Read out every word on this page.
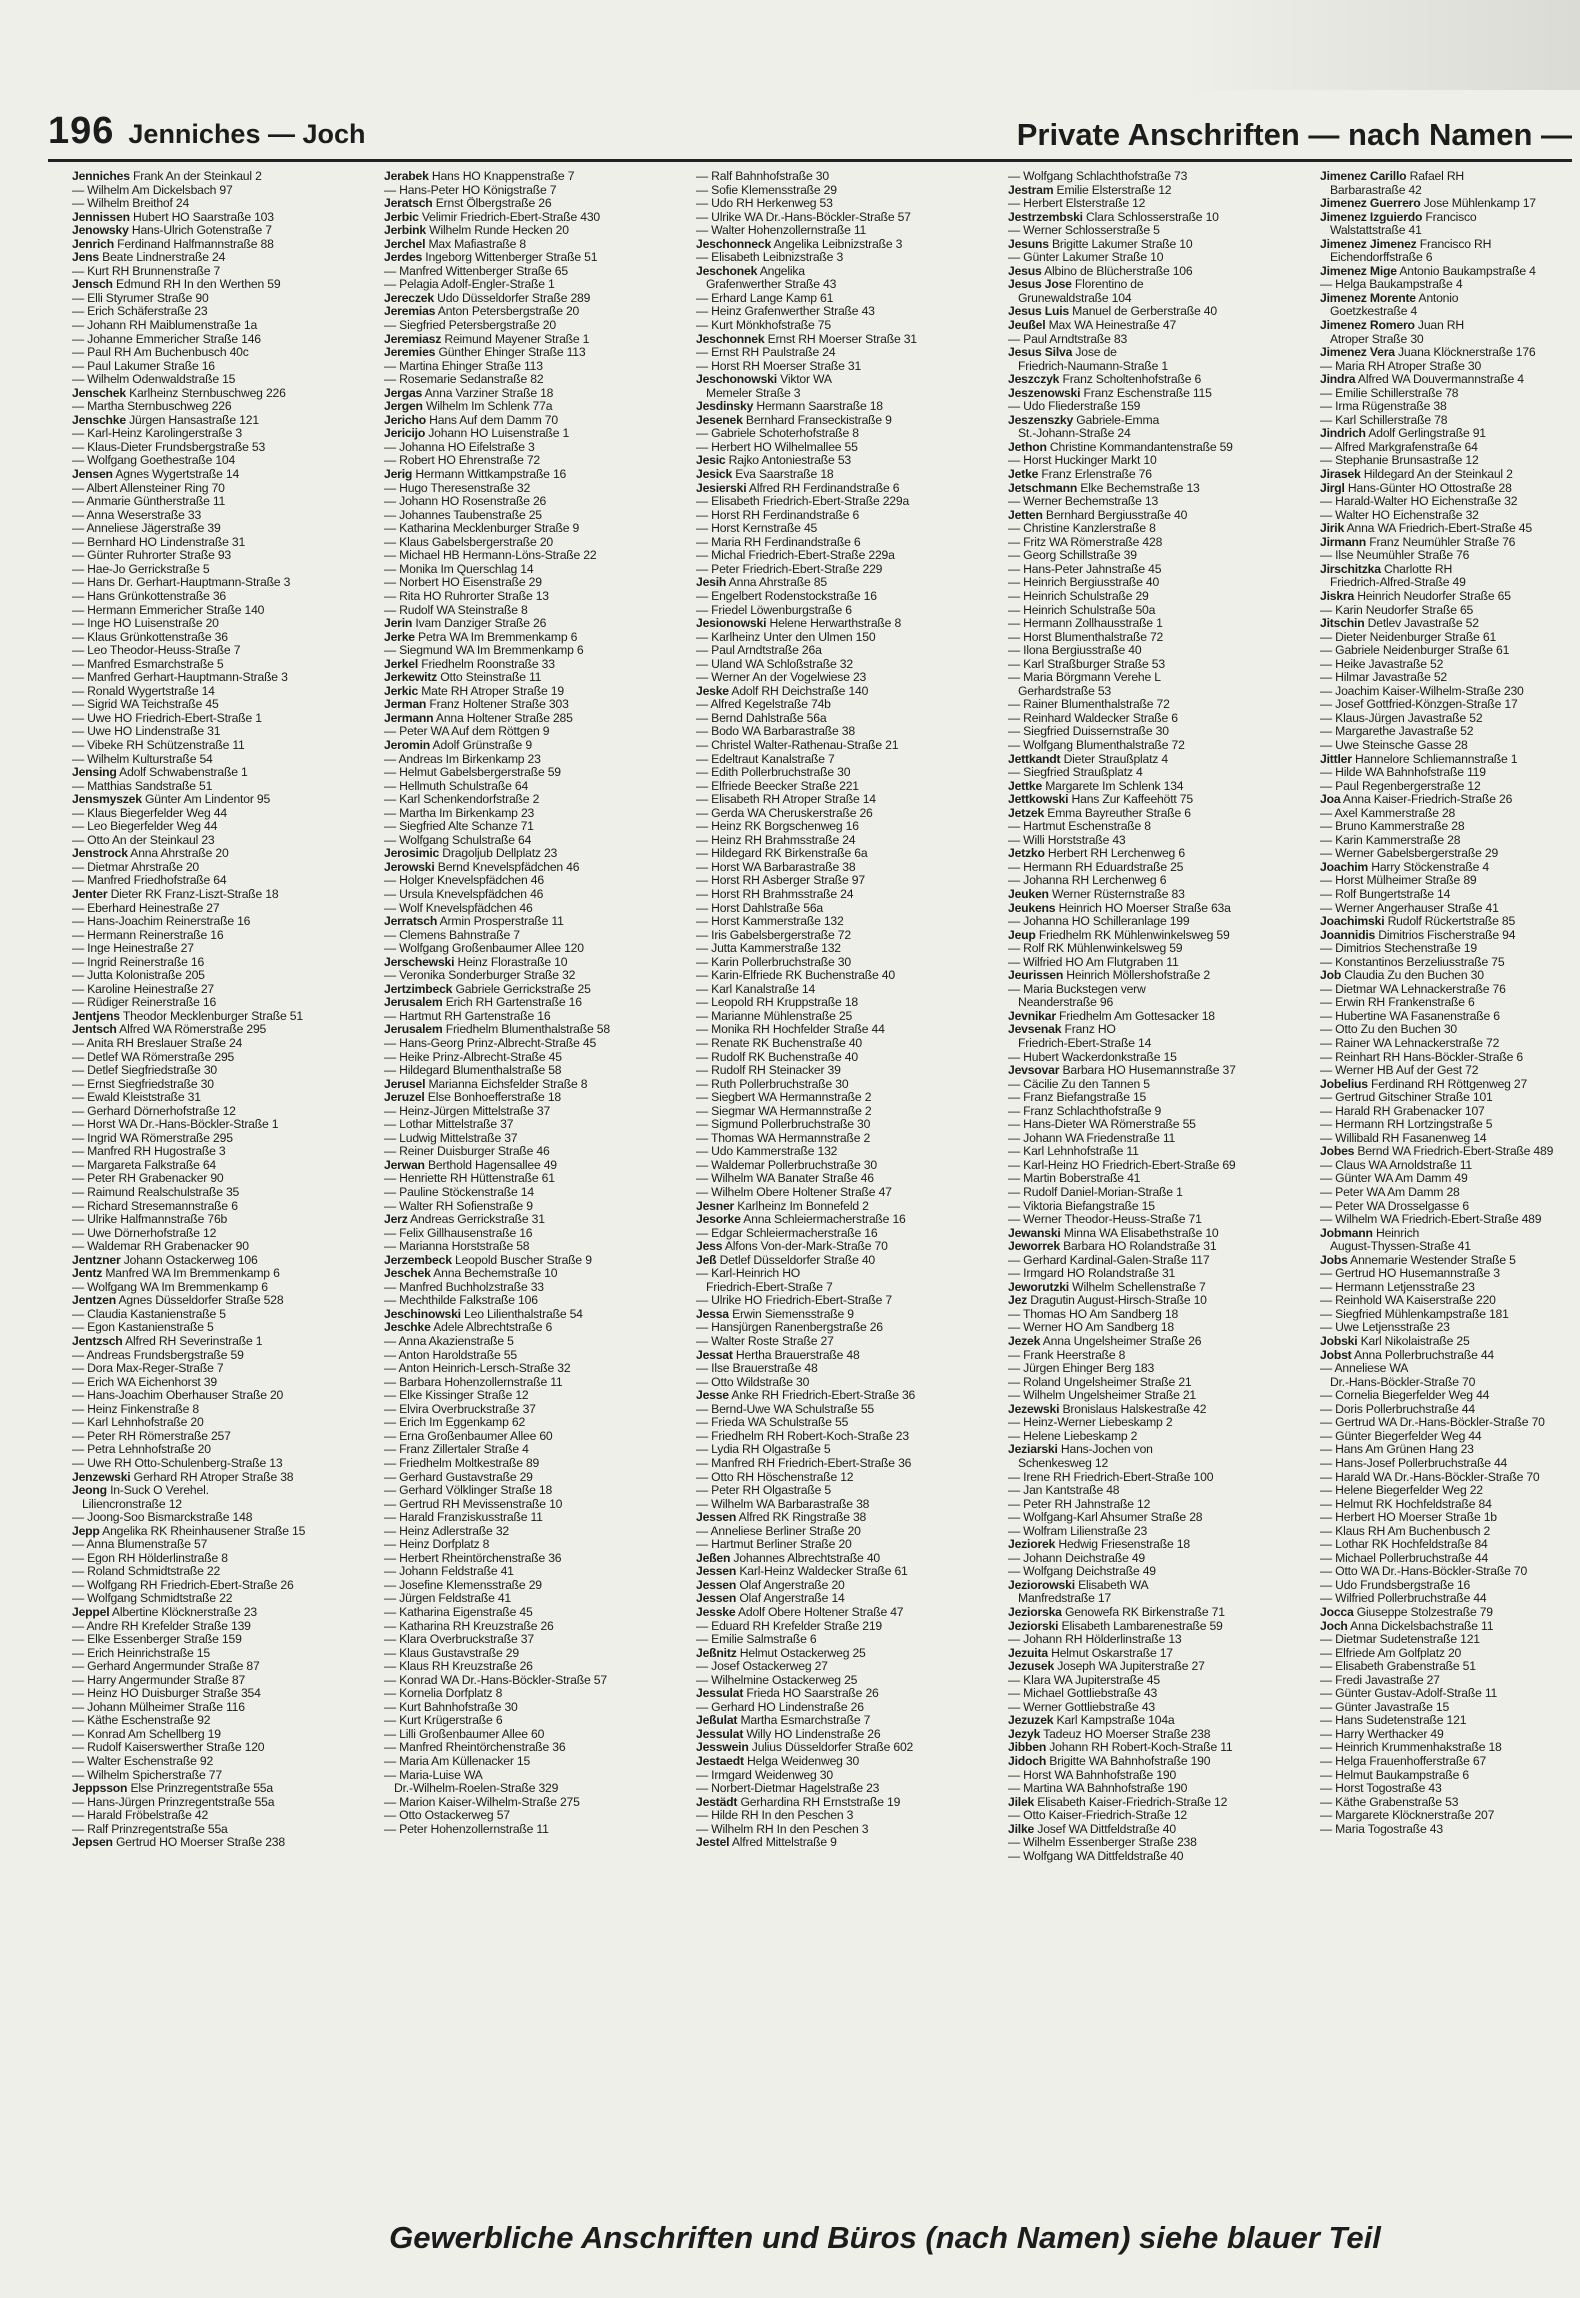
196 Jenniches — Joch	Private Anschriften — nach Namen —
Jenniches Frank An der Steinkaul 2
— Wilhelm Am Dickelsbach 97
— Wilhelm Breithof 24
Jennissen Hubert HO Saarstraße 103
Jenowsky Hans-Ulrich Gotenstraße 7
Jenrich Ferdinand Halfmannstraße 88
Jens Beate Lindnerstraße 24
— Kurt RH Brunnenstraße 7
Jensch Edmund RH In den Werthen 59
— Elli Styrumer Straße 90
— Erich Schäferstraße 23
— Johann RH Maiblumenstraße 1a
— Johanne Emmericher Straße 146
— Paul RH Am Buchenbusch 40c
— Paul Lakumer Straße 16
— Wilhelm Odenwaldstraße 15
Jenschek Karlheinz Sternbuschweg 226
— Martha Sternbuschweg 226
Jenschke Jürgen Hansastraße 121
— Karl-Heinz Karolingerstraße 3
— Klaus-Dieter Frundsbergstraße 53
— Wolfgang Goethestraße 104
Jensen Agnes Wygertstraße 14
— Albert Allensteiner Ring 70
— Anmarie Güntherstraße 11
— Anna Weserstraße 33
— Anneliese Jägerstraße 39
— Bernhard HO Lindenstraße 31
— Günter Ruhrorter Straße 93
— Hae-Jo Gerrickstraße 5
— Hans Dr. Gerhart-Hauptmann-Straße 3
— Hans Grünkottenstraße 36
— Hermann Emmericher Straße 140
— Inge HO Luisenstraße 20
— Klaus Grünkottenstraße 36
— Leo Theodor-Heuss-Straße 7
— Manfred Esmarchstraße 5
— Manfred Gerhart-Hauptmann-Straße 3
— Ronald Wygertstraße 14
— Sigrid WA Teichstraße 45
— Uwe HO Friedrich-Ebert-Straße 1
— Uwe HO Lindenstraße 31
— Vibeke RH Schützenstraße 11
— Wilhelm Kulturstraße 54
Jensing Adolf Schwabenstraße 1
— Matthias Sandstraße 51
Jensmyszek Günter Am Lindentor 95
— Klaus Biegerfelder Weg 44
— Leo Biegerfelder Weg 44
— Otto An der Steinkaul 23
Jenstrock Anna Ahrstraße 20
— Dietmar Ahrstraße 20
— Manfred Friedhofstraße 64
Jenter Dieter RK Franz-Liszt-Straße 18
— Eberhard Heinestraße 27
— Hans-Joachim Reinerstraße 16
— Hermann Reinerstraße 16
— Inge Heinestraße 27
— Ingrid Reinerstraße 16
— Jutta Kolonistraße 205
— Karoline Heinestraße 27
— Rüdiger Reinerstraße 16
Jentjens Theodor Mecklenburger Straße 51
Jentsch Alfred WA Römerstraße 295
— Anita RH Breslauer Straße 24
— Detlef WA Römerstraße 295
— Detlef Siegfriedstraße 30
— Ernst Siegfriedstraße 30
— Ewald Kleiststraße 31
— Gerhard Dörnerhofstraße 12
— Horst WA Dr.-Hans-Böckler-Straße 1
— Ingrid WA Römerstraße 295
— Manfred RH Hugostraße 3
— Margareta Falkstraße 64
— Peter RH Grabenacker 90
— Raimund Realschulstraße 35
— Richard Stresemannstraße 6
— Ulrike Halfmannstraße 76b
— Uwe Dörnerhofstraße 12
— Waldemar RH Grabenacker 90
Jentzner Johann Ostackerweg 106
Jentz Manfred WA Im Bremmenkamp 6
— Wolfgang WA Im Bremmenkamp 6
Jentzen Agnes Düsseldorfer Straße 528
— Claudia Kastanienstraße 5
— Egon Kastanienstraße 5
Jentzsch Alfred RH Severinstraße 1
— Andreas Frundsbergstraße 59
— Dora Max-Reger-Straße 7
— Erich WA Eichenhorst 39
— Hans-Joachim Oberhauser Straße 20
— Heinz Finkenstraße 8
— Karl Lehnhofstraße 20
— Peter RH Römerstraße 257
— Petra Lehnhofstraße 20
— Uwe RH Otto-Schulenberg-Straße 13
Jenzewski Gerhard RH Atroper Straße 38
Jeong In-Suck O Verehel.
Liliencronstraße 12
— Joong-Soo Bismarckstraße 148
Jepp Angelika RK Rheinhausener Straße 15
— Anna Blumenstraße 57
— Egon RH Hölderlinstraße 8
— Roland Schmidtstraße 22
— Wolfgang RH Friedrich-Ebert-Straße 26
— Wolfgang Schmidtstraße 22
Jeppel Albertine Klöcknerstraße 23
— Andre RH Krefelder Straße 139
— Elke Essenberger Straße 159
— Erich Heinrichstraße 15
— Gerhard Angermunder Straße 87
— Harry Angermunder Straße 87
— Heinz HO Duisburger Straße 354
— Johann Mülheimer Straße 116
— Käthe Eschenstraße 92
— Konrad Am Schellberg 19
— Rudolf Kaiserswerther Straße 120
— Walter Eschenstraße 92
— Wilhelm Spicherstraße 77
Jeppsson Else Prinzregentstraße 55a
— Hans-Jürgen Prinzregentstraße 55a
— Harald Fröbelstraße 42
— Ralf Prinzregentstraße 55a
Jepsen Gertrud HO Moerser Straße 238
Jerabek Hans HO Knappenstraße 7
— Hans-Peter HO Königstraße 7
Jeratsch Ernst Ölbergstraße 26
Jerbic Velimir Friedrich-Ebert-Straße 430
Jerbink Wilhelm Runde Hecken 20
Jerchel Max Mafiastraße 8
Jerdes Ingeborg Wittenberger Straße 51
— Manfred Wittenberger Straße 65
— Pelagia Adolf-Engler-Straße 1
Jereczek Udo Düsseldorfer Straße 289
Jeremias Anton Petersbergstraße 20
— Siegfried Petersbergstraße 20
Jeremiasz Reimund Mayener Straße 1
Jeremies Günther Ehinger Straße 113
— Martina Ehinger Straße 113
— Rosemarie Sedanstraße 82
Jergas Anna Varziner Straße 18
Jergen Wilhelm Im Schlenk 77a
Jericho Hans Auf dem Damm 70
Jericijo Johann HO Luisenstraße 1
— Johanna HO Eifelstraße 3
— Robert HO Ehrenstraße 72
Jerig Hermann Wittkampstraße 16
— Hugo Theresenstraße 32
— Johann HO Rosenstraße 26
— Johannes Taubenstraße 25
— Katharina Mecklenburger Straße 9
— Klaus Gabelsbergerstraße 20
— Michael HB Hermann-Löns-Straße 22
— Monika Im Querschlag 14
— Norbert HO Eisenstraße 29
— Rita HO Ruhrorter Straße 13
— Rudolf WA Steinstraße 8
Jerin Ivam Danziger Straße 26
Jerke Petra WA Im Bremmenkamp 6
— Siegmund WA Im Bremmenkamp 6
Jerkel Friedhelm Roonstraße 33
Jerkewitz Otto Steinstraße 11
Jerkic Mate RH Atroper Straße 19
Jerman Franz Holtener Straße 303
Jermann Anna Holtener Straße 285
— Peter WA Auf dem Röttgen 9
Jeromin Adolf Grünstraße 9
— Andreas Im Birkenkamp 23
— Helmut Gabelsbergerstraße 59
— Hellmuth Schulstraße 64
— Karl Schenkendorfstraße 2
— Martha Im Birkenkamp 23
— Siegfried Alte Schanze 71
— Wolfgang Schulstraße 64
Jerosimic Dragoljub Dellplatz 23
Jerowski Bernd Knevelspfädchen 46
— Holger Knevelspfädchen 46
— Ursula Knevelspfädchen 46
— Wolf Knevelspfädchen 46
Jerratsch Armin Prosperstraße 11
— Clemens Bahnstraße 7
— Wolfgang Großenbaumer Allee 120
Jerschewski Heinz Florastraße 10
— Veronika Sonderburger Straße 32
Jertzimbeck Gabriele Gerrickstraße 25
Jerusalem Erich RH Gartenstraße 16
— Hartmut RH Gartenstraße 16
Jerusalem Friedhelm Blumenthalstraße 58
— Hans-Georg Prinz-Albrecht-Straße 45
— Heike Prinz-Albrecht-Straße 45
— Hildegard Blumenthalstraße 58
Jerusel Marianna Eichsfelder Straße 8
Jeruzel Else Bonhoefferstraße 18
— Heinz-Jürgen Mittelstraße 37
— Lothar Mittelstraße 37
— Ludwig Mittelstraße 37
— Reiner Duisburger Straße 46
Jerwan Berthold Hagensallee 49
— Henriette RH Hüttenstraße 61
— Pauline Stöckenstraße 14
— Walter RH Sofienstraße 9
Jerz Andreas Gerrickstraße 31
— Felix Gillhausenstraße 16
— Marianna Horststraße 58
Jerzembeck Leopold Buscher Straße 9
Jeschek Anna Bechemstraße 10
— Manfred Buchholzstraße 33
— Mechthilde Falkstraße 106
Jeschinowski Leo Lilienthalstraße 54
Jeschke Adele Albrechtstraße 6
— Anna Akazienstraße 5
— Anton Haroldstraße 55
— Anton Heinrich-Lersch-Straße 32
— Barbara Hohenzollernstraße 11
— Elke Kissinger Straße 12
— Elvira Overbruckstraße 37
— Erich Im Eggenkamp 62
— Erna Großenbaumer Allee 60
— Franz Zillertaler Straße 4
— Friedhelm Moltkestraße 89
— Gerhard Gustavstraße 29
— Gerhard Völklinger Straße 18
— Gertrud RH Mevissenstraße 10
— Harald Franziskusstraße 11
— Heinz Adlerstraße 32
— Heinz Dorfplatz 8
— Herbert Rheintörchenstraße 36
— Johann Feldstraße 41
— Josefine Klemensstraße 29
— Jürgen Feldstraße 41
— Katharina Eigenstraße 45
— Katharina RH Kreuzstraße 26
— Klara Overbruckstraße 37
— Klaus Gustavstraße 29
— Klaus RH Kreuzstraße 26
— Konrad WA Dr.-Hans-Böckler-Straße 57
— Kornelia Dorfplatz 8
— Kurt Bahnhofstraße 30
— Kurt Krügerstraße 6
— Lilli Großenbaumer Allee 60
— Manfred Rheintörchenstraße 36
— Maria Am Küllenacker 15
— Maria-Luise WA
Dr.-Wilhelm-Roelen-Straße 329
— Marion Kaiser-Wilhelm-Straße 275
— Otto Ostackerweg 57
— Peter Hohenzollernstraße 11
— Ralf Bahnhofstraße 30
— Sofie Klemensstraße 29
— Udo RH Herkenweg 53
— Ulrike WA Dr.-Hans-Böckler-Straße 57
— Walter Hohenzollernstraße 11
Jeschonneck Angelika Leibnizstraße 3
— Elisabeth Leibnizstraße 3
Jeschonek Angelika
Grafenwerther Straße 43
— Erhard Lange Kamp 61
— Heinz Grafenwerther Straße 43
— Kurt Mönkhofstraße 75
Jeschonnek Ernst RH Moerser Straße 31
— Ernst RH Paulstraße 24
— Horst RH Moerser Straße 31
Jeschonowski Viktor WA
Memeler Straße 3
Jesdinsky Hermann Saarstraße 18
Jesenek Bernhard Franseckistraße 9
— Gabriele Schoterhofstraße 8
— Herbert HO Wilhelmallee 55
Jesic Rajko Antoniestraße 53
Jesick Eva Saarstraße 18
Jesierski Alfred RH Ferdinandstraße 6
— Elisabeth Friedrich-Ebert-Straße 229a
— Horst RH Ferdinandstraße 6
— Horst Kernstraße 45
— Maria RH Ferdinandstraße 6
— Michal Friedrich-Ebert-Straße 229a
— Peter Friedrich-Ebert-Straße 229
Jesih Anna Ahrstraße 85
— Engelbert Rodenstockstraße 16
— Friedel Löwenburgstraße 6
Jesionowski Helene Herwarthstraße 8
— Karlheinz Unter den Ulmen 150
— Paul Arndtstraße 26a
— Uland WA Schloßstraße 32
— Werner An der Vogelwiese 23
Jeske Adolf RH Deichstraße 140
— Alfred Kegelstraße 74b
— Bernd Dahlstraße 56a
— Bodo WA Barbarastraße 38
— Christel Walter-Rathenau-Straße 21
— Edeltraut Kanalstraße 7
— Edith Pollerbruchstraße 30
— Elfriede Beecker Straße 221
— Elisabeth RH Atroper Straße 14
— Gerda WA Cheruskerstraße 26
— Heinz RK Borgschenweg 16
— Heinz RH Brahmsstraße 24
— Hildegard RK Birkenstraße 6a
— Horst WA Barbarastraße 38
— Horst RH Asberger Straße 97
— Horst RH Brahmsstraße 24
— Horst Dahlstraße 56a
— Horst Kammerstraße 132
— Iris Gabelsbergerstraße 72
— Jutta Kammerstraße 132
— Karin Pollerbruchstraße 30
— Karin-Elfriede RK Buchenstraße 40
— Karl Kanalstraße 14
— Leopold RH Kruppstraße 18
— Marianne Mühlenstraße 25
— Monika RH Hochfelder Straße 44
— Renate RK Buchenstraße 40
— Rudolf RK Buchenstraße 40
— Rudolf RH Steinacker 39
— Ruth Pollerbruchstraße 30
— Siegbert WA Hermannstraße 2
— Siegmar WA Hermannstraße 2
— Sigmund Pollerbruchstraße 30
— Thomas WA Hermannstraße 2
— Udo Kammerstraße 132
— Waldemar Pollerbruchstraße 30
— Wilhelm WA Banater Straße 46
— Wilhelm Obere Holtener Straße 47
Jesner Karlheinz Im Bonnefeld 2
Jesorke Anna Schleiermacherstraße 16
— Edgar Schleiermacherstraße 16
Jess Alfons Von-der-Mark-Straße 70
Jeß Detlef Düsseldorfer Straße 40
— Karl-Heinrich HO
Friedrich-Ebert-Straße 7
— Ulrike HO Friedrich-Ebert-Straße 7
Jessa Erwin Siemensstraße 9
— Hansjürgen Ranenbergstraße 26
— Walter Roste Straße 27
Jessat Hertha Brauerstraße 48
— Ilse Brauerstraße 48
— Otto Wildstraße 30
Jesse Anke RH Friedrich-Ebert-Straße 36
— Bernd-Uwe WA Schulstraße 55
— Frieda WA Schulstraße 55
— Friedhelm RH Robert-Koch-Straße 23
— Lydia RH Olgastraße 5
— Manfred RH Friedrich-Ebert-Straße 36
— Otto RH Höschenstraße 12
— Peter RH Olgastraße 5
— Wilhelm WA Barbarastraße 38
Jessen Alfred RK Ringstraße 38
— Anneliese Berliner Straße 20
— Hartmut Berliner Straße 20
Jeßen Johannes Albrechtstraße 40
Jessen Karl-Heinz Waldecker Straße 61
Jessen Olaf Angerstraße 20
Jessen Olaf Angerstraße 14
Jesske Adolf Obere Holtener Straße 47
— Eduard RH Krefelder Straße 219
— Emilie Salmstraße 6
Jeßnitz Helmut Ostackerweg 25
— Josef Ostackerweg 27
— Wilhelmine Ostackerweg 25
Jessulat Frieda HO Saarstraße 26
— Gerhard HO Lindenstraße 26
Jeßulat Martha Esmarchstraße 7
Jessulat Willy HO Lindenstraße 26
Jesswein Julius Düsseldorfer Straße 602
Jestaedt Helga Weidenweg 30
— Irmgard Weidenweg 30
— Norbert-Dietmar Hagelstraße 23
Jestädt Gerhardina RH Ernststraße 19
— Hilde RH In den Peschen 3
— Wilhelm RH In den Peschen 3
Jestel Alfred Mittelstraße 9
— Wolfgang Schlachthofstraße 73
Jestram Emilie Elsterstraße 12
— Herbert Elsterstraße 12
Jestrzembski Clara Schlosserstraße 10
— Werner Schlosserstraße 5
Jesuns Brigitte Lakumer Straße 10
— Günter Lakumer Straße 10
Jesus Albino de Blücherstraße 106
Jesus Jose Florentino de
Grunewaldstraße 104
Jesus Luis Manuel de Gerberstraße 40
Jeußel Max WA Heinestraße 47
— Paul Arndtstraße 83
Jesus Silva Jose de
Friedrich-Naumann-Straße 1
Jeszczyk Franz Scholtenhofstraße 6
Jeszenowski Franz Eschenstraße 115
— Udo Fliederstraße 159
Jeszenszky Gabriele-Emma
St.-Johann-Straße 24
Jethon Christine Kommandantenstraße 59
— Horst Huckinger Markt 10
Jetke Franz Erlenstraße 76
Jetschmann Elke Bechemstraße 13
— Werner Bechemstraße 13
Jetten Bernhard Bergiusstraße 40
— Christine Kanzlerstraße 8
— Fritz WA Römerstraße 428
— Georg Schillstraße 39
— Hans-Peter Jahnstraße 45
— Heinrich Bergiusstraße 40
— Heinrich Schulstraße 29
— Heinrich Schulstraße 50a
— Hermann Zollhausstraße 1
— Horst Blumenthalstraße 72
— Ilona Bergiusstraße 40
— Karl Straßburger Straße 53
— Maria Börgmann Verehe L
Gerhardstraße 53
— Rainer Blumenthalstraße 72
— Reinhard Waldecker Straße 6
— Siegfried Duissernstraße 30
— Wolfgang Blumenthalstraße 72
Jettkandt Dieter Straußplatz 4
— Siegfried Straußplatz 4
Jettke Margarete Im Schlenk 134
Jettkowski Hans Zur Kaffeehött 75
Jetzek Emma Bayreuther Straße 6
— Hartmut Eschenstraße 8
— Willi Horststraße 43
Jetzko Herbert RH Lerchenweg 6
— Hermann RH Eduardstraße 25
— Johanna RH Lerchenweg 6
Jeuken Werner Rüsternstraße 83
Jeukens Heinrich HO Moerser Straße 63a
— Johanna HO Schilleranlage 199
Jeup Friedhelm RK Mühlenwinkelsweg 59
— Rolf RK Mühlenwinkelsweg 59
— Wilfried HO Am Flutgraben 11
Jeurissen Heinrich Möllershofstraße 2
— Maria Buckstegen verw
Neanderstraße 96
Jevnikar Friedhelm Am Gottesacker 18
Jevsenak Franz HO
Friedrich-Ebert-Straße 14
— Hubert Wackerdonkstraße 15
Jevsovar Barbara HO Husemannstraße 37
— Cäcilie Zu den Tannen 5
— Franz Biefangstraße 15
— Franz Schlachthofstraße 9
— Hans-Dieter WA Römerstraße 55
— Johann WA Friedenstraße 11
— Karl Lehnhofstraße 11
— Karl-Heinz HO Friedrich-Ebert-Straße 69
— Martin Boberstraße 41
— Rudolf Daniel-Morian-Straße 1
— Viktoria Biefangstraße 15
— Werner Theodor-Heuss-Straße 71
Jewanski Minna WA Elisabethstraße 10
Jeworrek Barbara HO Rolandstraße 31
— Gerhard Kardinal-Galen-Straße 117
— Irmgard HO Rolandstraße 31
Jeworutzki Wilhelm Schellenstraße 7
Jez Dragutin August-Hirsch-Straße 10
— Thomas HO Am Sandberg 18
— Werner HO Am Sandberg 18
Jezek Anna Ungelsheimer Straße 26
— Frank Heerstraße 8
— Jürgen Ehinger Berg 183
— Roland Ungelsheimer Straße 21
— Wilhelm Ungelsheimer Straße 21
Jezewski Bronislaus Halskestraße 42
— Heinz-Werner Liebeskamp 2
— Helene Liebeskamp 2
Jeziarski Hans-Jochen von
Schenkesweg 12
— Irene RH Friedrich-Ebert-Straße 100
— Jan Kantstraße 48
— Peter RH Jahnstraße 12
— Wolfgang-Karl Ahsumer Straße 28
— Wolfram Lilienstraße 23
Jeziorek Hedwig Friesenstraße 18
— Johann Deichstraße 49
— Wolfgang Deichstraße 49
Jeziorowski Elisabeth WA
Manfredstraße 17
Jeziorska Genowefa RK Birkenstraße 71
Jeziorski Elisabeth Lambarenestraße 59
— Johann RH Hölderlinstraße 13
Jezuita Helmut Oskarstraße 17
Jezusek Joseph WA Jupiterstraße 27
— Klara WA Jupiterstraße 45
— Michael Gottliebstraße 43
— Werner Gottliebstraße 43
Jezuzek Karl Kampstraße 104a
Jezyk Tadeuz HO Moerser Straße 238
Jibben Johann RH Robert-Koch-Straße 11
Jidoch Brigitte WA Bahnhofstraße 190
— Horst WA Bahnhofstraße 190
— Martina WA Bahnhofstraße 190
Jilek Elisabeth Kaiser-Friedrich-Straße 12
— Otto Kaiser-Friedrich-Straße 12
Jilke Josef WA Dittfeldstraße 40
— Wilhelm Essenberger Straße 238
— Wolfgang WA Dittfeldstraße 40
Jimenez Carillo Rafael RH
Barbarastraße 42
Jimenez Guerrero Jose Mühlenkamp 17
Jimenez Izguierdo Francisco
Walstattstraße 41
Jimenez Jimenez Francisco RH
Eichendorffstraße 6
Jimenez Mige Antonio Baukampstraße 4
— Helga Baukampstraße 4
Jimenez Morente Antonio
Goetzkestraße 4
Jimenez Romero Juan RH
Atroper Straße 30
Jimenez Vera Juana Klöcknerstraße 176
— Maria RH Atroper Straße 30
Jindra Alfred WA Douvermannstraße 4
— Emilie Schillerstraße 78
— Irma Rügenstraße 38
— Karl Schillerstraße 78
Jindrich Adolf Gerlingstraße 91
— Alfred Markgrafenstraße 64
— Stephanie Brunsastraße 12
Jirasek Hildegard An der Steinkaul 2
Jirgl Hans-Günter HO Ottostraße 28
— Harald-Walter HO Eichenstraße 32
— Walter HO Eichenstraße 32
Jirik Anna WA Friedrich-Ebert-Straße 45
Jirmann Franz Neumühler Straße 76
— Ilse Neumühler Straße 76
Jirschitzka Charlotte RH
Friedrich-Alfred-Straße 49
Jiskra Heinrich Neudorfer Straße 65
— Karin Neudorfer Straße 65
Jitschin Detlev Javastraße 52
— Dieter Neidenburger Straße 61
— Gabriele Neidenburger Straße 61
— Heike Javastraße 52
— Hilmar Javastraße 52
— Joachim Kaiser-Wilhelm-Straße 230
— Josef Gottfried-Könzgen-Straße 17
— Klaus-Jürgen Javastraße 52
— Margarethe Javastraße 52
— Uwe Steinsche Gasse 28
Jittler Hannelore Schliemannstraße 1
— Hilde WA Bahnhofstraße 119
— Paul Regenbergerstraße 12
Joa Anna Kaiser-Friedrich-Straße 26
— Axel Kammerstraße 28
— Bruno Kammerstraße 28
— Karin Kammerstraße 28
— Werner Gabelsbergerstraße 29
Joachim Harry Stöckenstraße 4
— Horst Mülheimer Straße 89
— Rolf Bungertstraße 14
— Werner Angerhauser Straße 41
Joachimski Rudolf Rückertstraße 85
Joannidis Dimitrios Fischerstraße 94
— Dimitrios Stechenstraße 19
— Konstantinos Berzeliusstraße 75
Job Claudia Zu den Buchen 30
— Dietmar WA Lehnackerstraße 76
— Erwin RH Frankenstraße 6
— Hubertine WA Fasanenstraße 6
— Otto Zu den Buchen 30
— Rainer WA Lehnackerstraße 72
— Reinhart RH Hans-Böckler-Straße 6
— Werner HB Auf der Gest 72
Jobelius Ferdinand RH Röttgenweg 27
— Gertrud Gitschiner Straße 101
— Harald RH Grabenacker 107
— Hermann RH Lortzingstraße 5
— Willibald RH Fasanenweg 14
Jobes Bernd WA Friedrich-Ebert-Straße 489
— Claus WA Arnoldstraße 11
— Günter WA Am Damm 49
— Peter WA Am Damm 28
— Peter WA Drosselgasse 6
— Wilhelm WA Friedrich-Ebert-Straße 489
Jobmann Heinrich
August-Thyssen-Straße 41
Jobs Annemarie Westender Straße 5
— Gertrud HO Husemannstraße 3
— Hermann Letjensstraße 23
— Reinhold WA Kaiserstraße 220
— Siegfried Mühlenkampstraße 181
— Uwe Letjensstraße 23
Jobski Karl Nikolaistraße 25
Jobst Anna Pollerbruchstraße 44
— Anneliese WA
Dr.-Hans-Böckler-Straße 70
— Cornelia Biegerfelder Weg 44
— Doris Pollerbruchstraße 44
— Gertrud WA Dr.-Hans-Böckler-Straße 70
— Günter Biegerfelder Weg 44
— Hans Am Grünen Hang 23
— Hans-Josef Pollerbruchstraße 44
— Harald WA Dr.-Hans-Böckler-Straße 70
— Helene Biegerfelder Weg 22
— Helmut RK Hochfeldstraße 84
— Herbert HO Moerser Straße 1b
— Klaus RH Am Buchenbusch 2
— Lothar RK Hochfeldstraße 84
— Michael Pollerbruchstraße 44
— Otto WA Dr.-Hans-Böckler-Straße 70
— Udo Frundsbergstraße 16
— Wilfried Pollerbruchstraße 44
Jocca Giuseppe Stolzestraße 79
Joch Anna Dickelsbachstraße 11
— Dietmar Sudetenstraße 121
— Elfriede Am Golfplatz 20
— Elisabeth Grabenstraße 51
— Fredi Javastraße 27
— Günter Gustav-Adolf-Straße 11
— Günter Javastraße 15
— Hans Sudetenstraße 121
— Harry Werthacker 49
— Heinrich Krummenhakstraße 18
— Helga Frauenhofferstraße 67
— Helmut Baukampstraße 6
— Horst Togostraße 43
— Käthe Grabenstraße 53
— Margarete Klöcknerstraße 207
— Maria Togostraße 43
Gewerbliche Anschriften und Büros (nach Namen) siehe blauer Teil
